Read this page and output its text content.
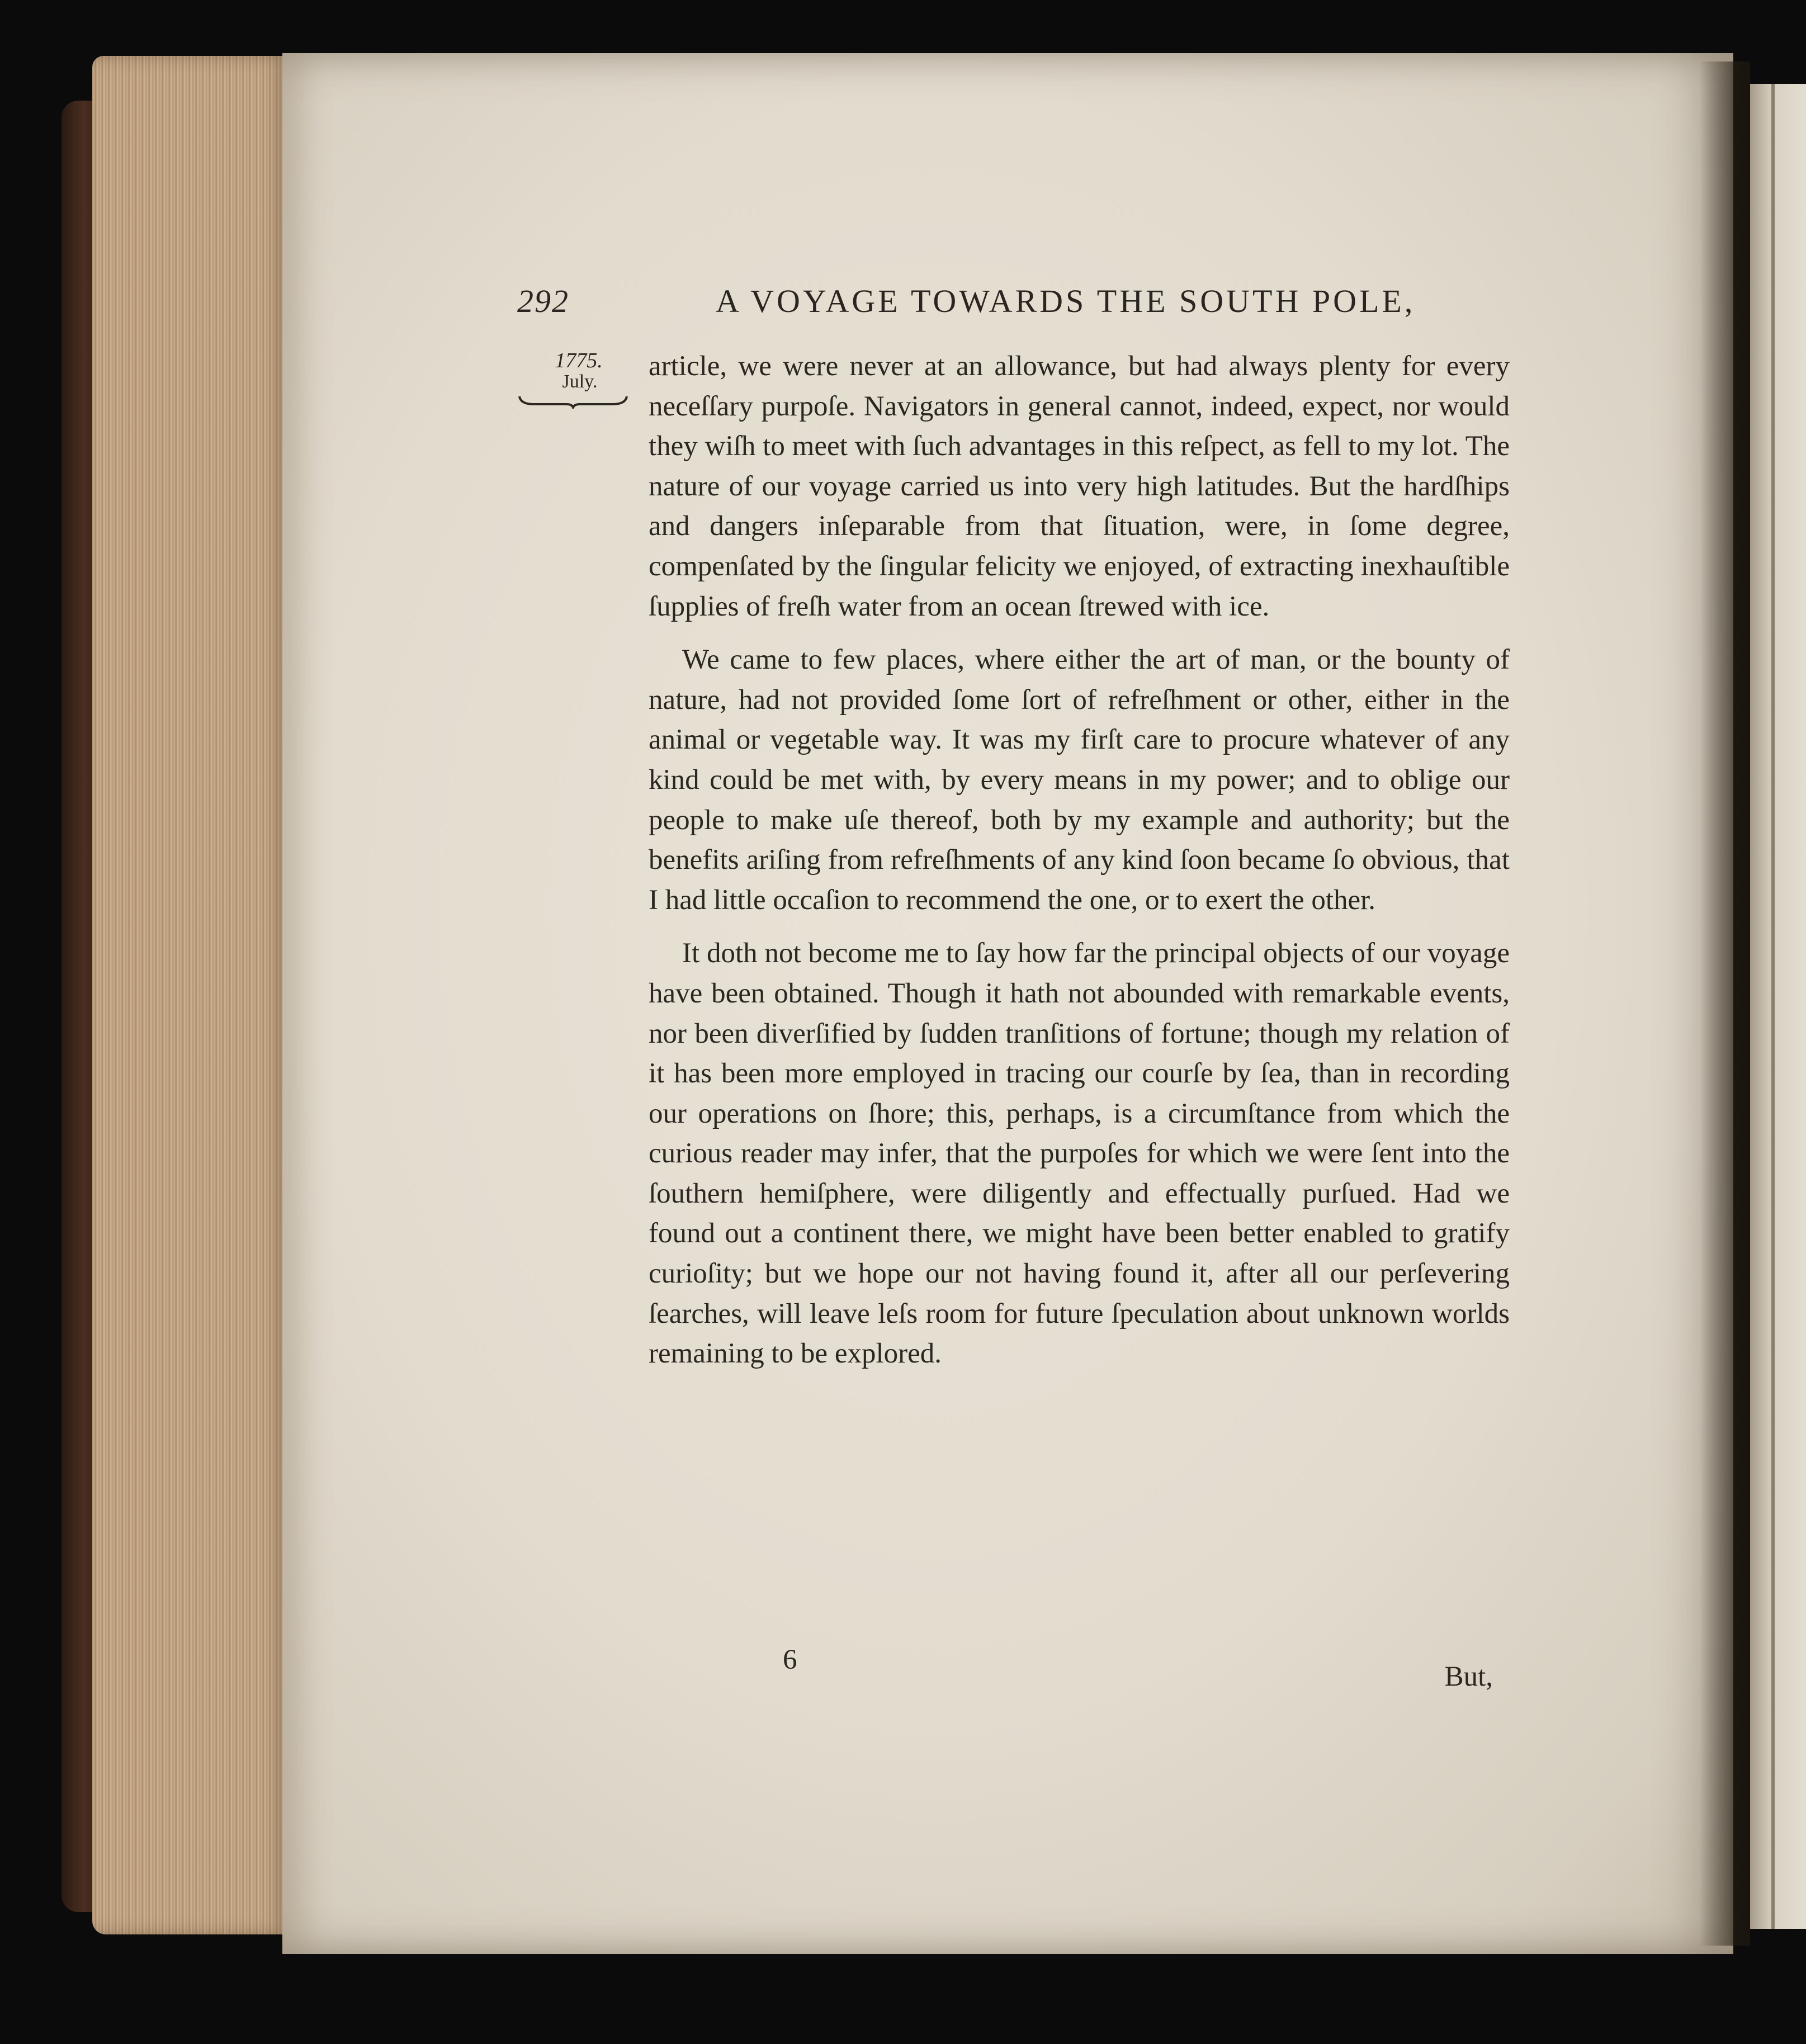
292	A VOYAGE TOWARDS THE SOUTH POLE,
1775.
July.	article, we were never at an allowance, but had always plenty for every neceſſary purpoſe. Navigators in general cannot, indeed, expect, nor would they wiſh to meet with ſuch advantages in this reſpect, as fell to my lot. The nature of our voyage carried us into very high latitudes. But the hardſhips and dangers inſeparable from that ſituation, were, in ſome degree, compenſated by the ſingular felicity we enjoyed, of extracting inexhauſtible ſupplies of freſh water from an ocean ſtrewed with ice.

We came to few places, where either the art of man, or the bounty of nature, had not provided ſome ſort of refreſhment or other, either in the animal or vegetable way. It was my firſt care to procure whatever of any kind could be met with, by every means in my power; and to oblige our people to make uſe thereof, both by my example and authority; but the benefits ariſing from refreſhments of any kind ſoon became ſo obvious, that I had little occaſion to recommend the one, or to exert the other.

It doth not become me to ſay how far the principal objects of our voyage have been obtained. Though it hath not abounded with remarkable events, nor been diverſified by ſudden tranſitions of fortune; though my relation of it has been more employed in tracing our courſe by ſea, than in recording our operations on ſhore; this, perhaps, is a circumſtance from which the curious reader may infer, that the purpoſes for which we were ſent into the ſouthern hemiſphere, were diligently and effectually purſued. Had we found out a continent there, we might have been better enabled to gratify curioſity; but we hope our not having found it, after all our perſevering ſearches, will leave leſs room for future ſpeculation about unknown worlds remaining to be explored.

6
But,
